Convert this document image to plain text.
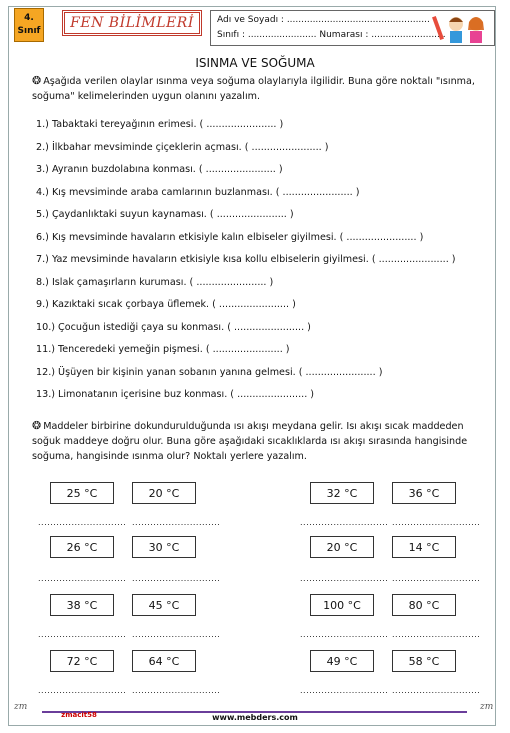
4.
Sınıf	FEN BİLİMLERİ	Adı ve Soyadı : ..................................................
Sınıfı : ........................ Numarası : ..........................
ISINMA VE SOĞUMA
❂ Aşağıda verilen olaylar ısınma veya soğuma olaylarıyla ilgilidir. Buna göre noktalı "ısınma, soğuma" kelimelerinden uygun olanını yazalım.
1.) Tabaktaki tereyağının erimesi. ( ....................... )
2.) İlkbahar mevsiminde çiçeklerin açması. ( ....................... )
3.) Ayranın buzdolabına konması. ( ....................... )
4.) Kış mevsiminde araba camlarının buzlanması. ( ....................... )
5.) Çaydanlıktaki suyun kaynaması. ( ....................... )
6.) Kış mevsiminde havaların etkisiyle kalın elbiseler giyilmesi. ( ....................... )
7.) Yaz mevsiminde havaların etkisiyle kısa kollu elbiselerin giyilmesi. ( ....................... )
8.) Islak çamaşırların kuruması. ( ....................... )
9.) Kazıktaki sıcak çorbaya üflemek. ( ....................... )
10.) Çocuğun istediği çaya su konması. ( ....................... )
11.) Tenceredeki yemeğin pişmesi. ( ....................... )
12.) Üşüyen bir kişinin yanan sobanın yanına gelmesi. ( ....................... )
13.) Limonatanın içerisine buz konması. ( ....................... )
❂ Maddeler birbirine dokundurulduğunda ısı akışı meydana gelir. Isı akışı sıcak maddeden soğuk maddeye doğru olur. Buna göre aşağıdaki sıcaklıklarda ısı akışı sırasında hangisinde soğuma, hangisinde ısınma olur? Noktalı yerlere yazalım.
25 °C	20 °C	32 °C	36 °C
............................. .............................	............................. .............................
26 °C	30 °C	20 °C	14 °C
............................. .............................	............................. .............................
38 °C	45 °C	100 °C	80 °C
............................. .............................	............................. .............................
72 °C	64 °C	49 °C	58 °C
............................. .............................	............................. .............................
zm	zm
zmacit58	www.mebders.com
